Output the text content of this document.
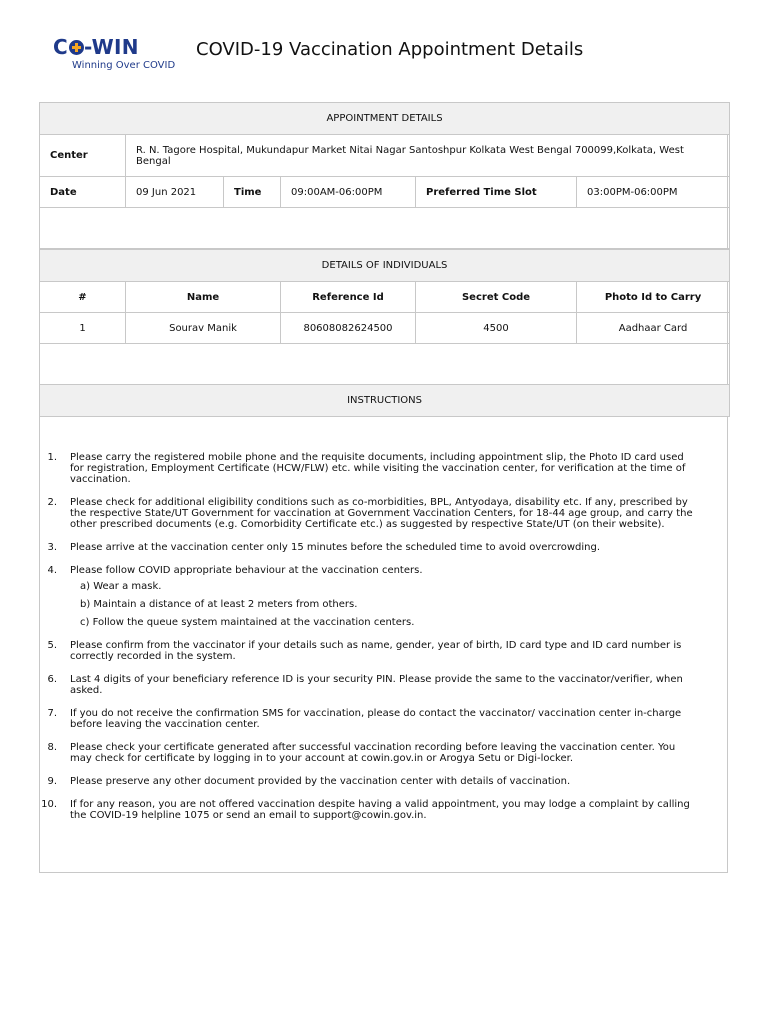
C -WIN
Winning Over COVID
COVID-19 Vaccination Appointment Details
APPOINTMENT DETAILS					
Center	R. N. Tagore Hospital, Mukundapur Market Nitai Nagar Santoshpur Kolkata West Bengal 700099,Kolkata, West Bengal				
Date	09 Jun 2021	Time	09:00AM-06:00PM	Preferred Time Slot	03:00PM-06:00PM

DETAILS OF INDIVIDUALS				
#	Name	Reference Id	Secret Code	Photo Id to Carry
1	Sourav Manik	80608082624500	4500	Aadhaar Card

INSTRUCTIONS				
1. Please carry the registered mobile phone and the requisite documents, including appointment slip, the Photo ID card used for registration, Employment Certificate (HCW/FLW) etc. while visiting the vaccination center, for verification at the time of vaccination.
2. Please check for additional eligibility conditions such as co-morbidities, BPL, Antyodaya, disability etc. If any, prescribed by the respective State/UT Government for vaccination at Government Vaccination Centers, for 18-44 age group, and carry the other prescribed documents (e.g. Comorbidity Certificate etc.) as suggested by respective State/UT (on their website).
3. Please arrive at the vaccination center only 15 minutes before the scheduled time to avoid overcrowding.
4. Please follow COVID appropriate behaviour at the vaccination centers.
a) Wear a mask.
b) Maintain a distance of at least 2 meters from others.
c) Follow the queue system maintained at the vaccination centers.
5. Please confirm from the vaccinator if your details such as name, gender, year of birth, ID card type and ID card number is correctly recorded in the system.
6. Last 4 digits of your beneficiary reference ID is your security PIN. Please provide the same to the vaccinator/verifier, when asked.
7. If you do not receive the confirmation SMS for vaccination, please do contact the vaccinator/ vaccination center in-charge before leaving the vaccination center.
8. Please check your certificate generated after successful vaccination recording before leaving the vaccination center. You may check for certificate by logging in to your account at cowin.gov.in or Arogya Setu or Digi-locker.
9. Please preserve any other document provided by the vaccination center with details of vaccination.
10. If for any reason, you are not offered vaccination despite having a valid appointment, you may lodge a complaint by calling the COVID-19 helpline 1075 or send an email to support@cowin.gov.in.
